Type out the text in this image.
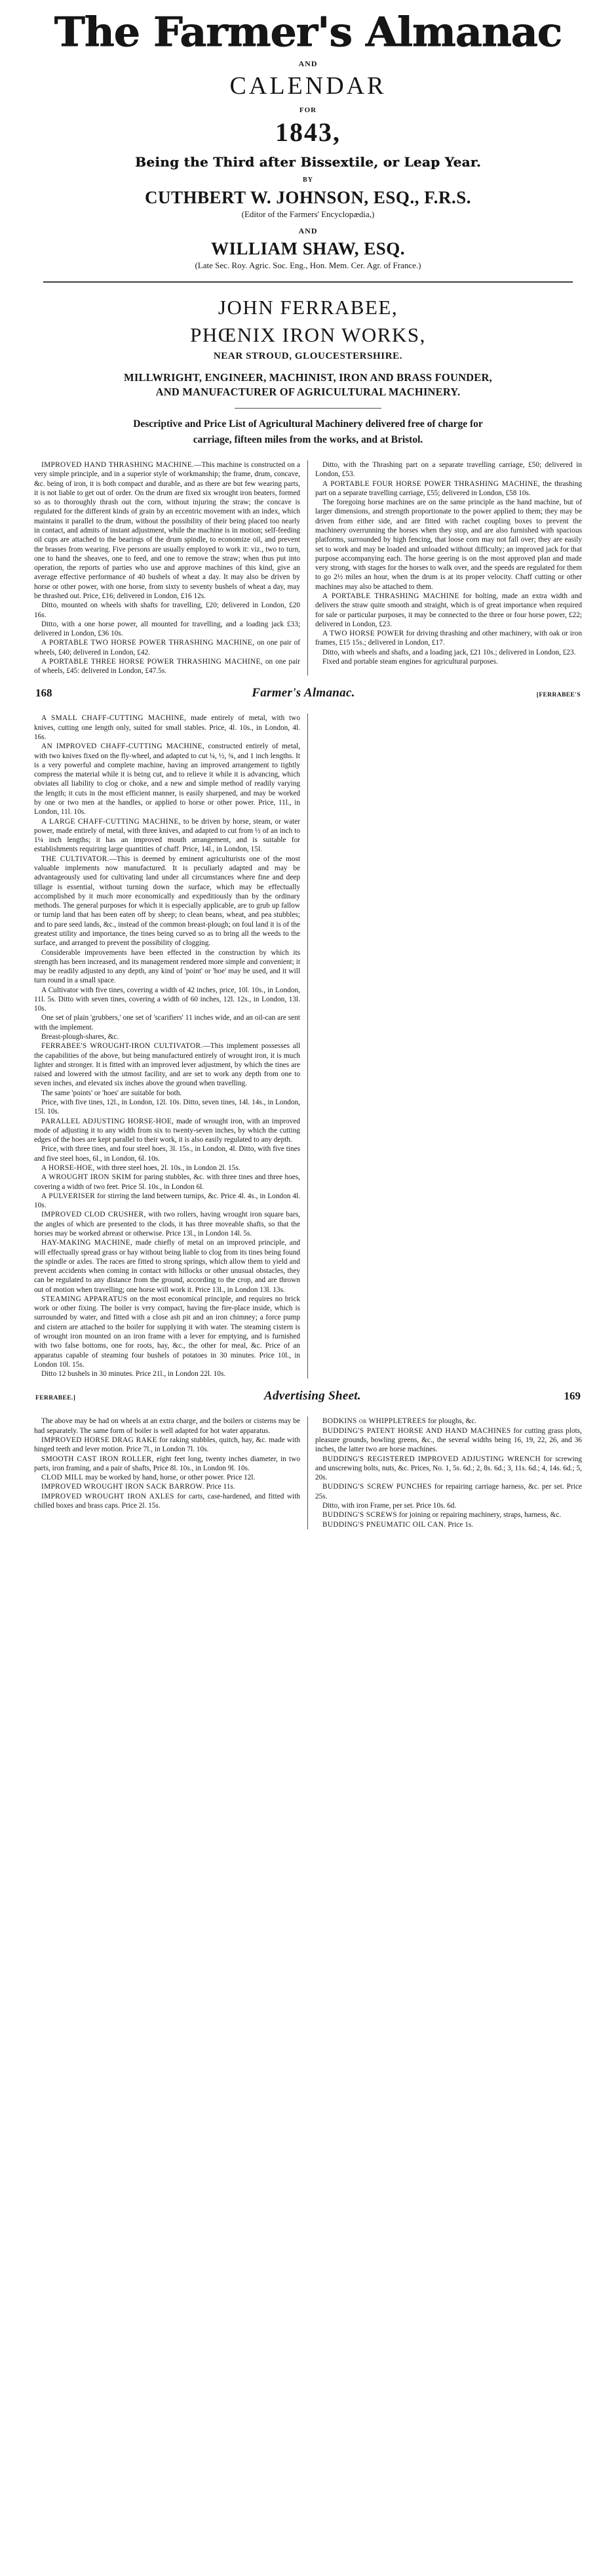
The Farmer's Almanac
AND
CALENDAR
FOR
1843,
Being the Third after Bissextile, or Leap Year.
BY
CUTHBERT W. JOHNSON, ESQ., F.R.S.
(Editor of the Farmers' Encyclopædia,)
AND
WILLIAM SHAW, ESQ.
(Late Sec. Roy. Agric. Soc. Eng., Hon. Mem. Cer. Agr. of France.)
JOHN FERRABEE,
PHŒNIX IRON WORKS,
NEAR STROUD, GLOUCESTERSHIRE.
MILLWRIGHT, ENGINEER, MACHINIST, IRON AND BRASS FOUNDER,
AND MANUFACTURER OF AGRICULTURAL MACHINERY.
Descriptive and Price List of Agricultural Machinery delivered free of charge for
carriage, fifteen miles from the works, and at Bristol.

IMPROVED HAND THRASHING MACHINE.—This machine is constructed on a very simple principle, and in a superior style of workmanship; the frame, drum, concave, &c. being of iron, it is both compact and durable, and as there are but few wearing parts, it is not liable to get out of order. On the drum are fixed six wrought iron beaters, formed so as to thoroughly thrash out the corn, without injuring the straw; the concave is regulated for the different kinds of grain by an eccentric movement with an index, which maintains it parallel to the drum, without the possibility of their being placed too nearly in contact, and admits of instant adjustment, while the machine is in motion; self-feeding oil cups are attached to the bearings of the drum spindle, to economize oil, and prevent the brasses from wearing. Five persons are usually employed to work it: viz., two to turn, one to hand the sheaves, one to feed, and one to remove the straw; when thus put into operation, the reports of parties who use and approve machines of this kind, give an average effective performance of 40 bushels of wheat a day. It may also be driven by horse or other power, with one horse, from sixty to seventy bushels of wheat a day, may be thrashed out. Price, £16; delivered in London, £16 12s.

Ditto, mounted on wheels with shafts for travelling, £20; delivered in London, £20 16s.

Ditto, with a one horse power, all mounted for travelling, and a loading jack £33; delivered in London, £36 10s.

A PORTABLE TWO HORSE POWER THRASHING MACHINE, on one pair of wheels, £40; delivered in London, £42.

A PORTABLE THREE HORSE POWER THRASHING MACHINE, on one pair of wheels, £45: delivered in London, £47.5s.

Ditto, with the Thrashing part on a separate travelling carriage, £50; delivered in London, £53.

A PORTABLE FOUR HORSE POWER THRASHING MACHINE, the thrashing part on a separate travelling carriage, £55; delivered in London, £58 10s.

The foregoing horse machines are on the same principle as the hand machine, but of larger dimensions, and strength proportionate to the power applied to them; they may be driven from either side, and are fitted with rachet coupling boxes to prevent the machinery overrunning the horses when they stop, and are also furnished with spacious platforms, surrounded by high fencing, that loose corn may not fall over; they are easily set to work and may be loaded and unloaded without difficulty; an improved jack for that purpose accompanying each. The horse geering is on the most approved plan and made very strong, with stages for the horses to walk over, and the speeds are regulated for them to go 2½ miles an hour, when the drum is at its proper velocity. Chaff cutting or other machines may also be attached to them.

A PORTABLE THRASHING MACHINE for bolting, made an extra width and delivers the straw quite smooth and straight, which is of great importance when required for sale or particular purposes, it may be connected to the three or four horse power, £22; delivered in London, £23.

A TWO HORSE POWER for driving thrashing and other machinery, with oak or iron frames, £15 15s.; delivered in London, £17.

Ditto, with wheels and shafts, and a loading jack, £21 10s.; delivered in London, £23.

Fixed and portable steam engines for agricultural purposes.

168	Farmer's Almanac.	[FERRABEE'S

A SMALL CHAFF-CUTTING MACHINE, made entirely of metal, with two knives, cutting one length only, suited for small stables. Price, 4l. 10s., in London, 4l. 16s.

AN IMPROVED CHAFF-CUTTING MACHINE, constructed entirely of metal, with two knives fixed on the fly-wheel, and adapted to cut ¼, ½, ¾, and 1 inch lengths. It is a very powerful and complete machine, having an improved arrangement to tightly compress the material while it is being cut, and to relieve it while it is advancing, which obviates all liability to clog or choke, and a new and simple method of readily varying the length; it cuts in the most efficient manner, is easily sharpened, and may be worked by one or two men at the handles, or applied to horse or other power. Price, 11l., in London, 11l. 10s.

A LARGE CHAFF-CUTTING MACHINE, to be driven by horse, steam, or water power, made entirely of metal, with three knives, and adapted to cut from ½ of an inch to 1¼ inch lengths; it has an improved mouth arrangement, and is suitable for establishments requiring large quantities of chaff. Price, 14l., in London, 15l.

THE CULTIVATOR.—This is deemed by eminent agriculturists one of the most valuable implements now manufactured. It is peculiarly adapted and may be advantageously used for cultivating land under all circumstances where fine and deep tillage is essential, without turning down the surface, which may be effectually accomplished by it much more economically and expeditiously than by the ordinary methods. The general purposes for which it is especially applicable, are to grub up fallow or turnip land that has been eaten off by sheep; to clean beans, wheat, and pea stubbles; and to pare seed lands, &c., instead of the common breast-plough; on foul land it is of the greatest utility and importance, the tines being curved so as to bring all the weeds to the surface, and arranged to prevent the possibility of clogging.

Considerable improvements have been effected in the construction by which its strength has been increased, and its management rendered more simple and convenient; it may be readily adjusted to any depth, any kind of 'point' or 'hoe' may be used, and it will turn round in a small space.

A Cultivator with five tines, covering a width of 42 inches, price, 10l. 10s., in London, 11l. 5s. Ditto with seven tines, covering a width of 60 inches, 12l. 12s., in London, 13l. 10s.

One set of plain 'grubbers,' one set of 'scarifiers' 11 inches wide, and an oil-can are sent with the implement.

Breast-plough-shares, &c.

FERRABEE'S WROUGHT-IRON CULTIVATOR.—This implement possesses all the capabilities of the above, but being manufactured entirely of wrought iron, it is much lighter and stronger. It is fitted with an improved lever adjustment, by which the tines are raised and lowered with the utmost facility, and are set to work any depth from one to seven inches, and elevated six inches above the ground when travelling.

The same 'points' or 'hoes' are suitable for both.

Price, with five tines, 12l., in London, 12l. 10s. Ditto, seven tines, 14l. 14s., in London, 15l. 10s.

PARALLEL ADJUSTING HORSE-HOE, made of wrought iron, with an improved mode of adjusting it to any width from six to twenty-seven inches, by which the cutting edges of the hoes are kept parallel to their work, it is also easily regulated to any depth.

Price, with three tines, and four steel hoes, 3l. 15s., in London, 4l. Ditto, with five tines and five steel hoes, 6l., in London, 6l. 10s.

A HORSE-HOE, with three steel hoes, 2l. 10s., in London 2l. 15s.

A WROUGHT IRON SKIM for paring stubbles, &c. with three tines and three hoes, covering a width of two feet. Price 5l. 10s., in London 6l.

A PULVERISER for stirring the land between turnips, &c. Price 4l. 4s., in London 4l. 10s.

IMPROVED CLOD CRUSHER, with two rollers, having wrought iron square bars, the angles of which are presented to the clods, it has three moveable shafts, so that the horses may be worked abreast or otherwise. Price 13l., in London 14l. 5s.

HAY-MAKING MACHINE, made chiefly of metal on an improved principle, and will effectually spread grass or hay without being liable to clog from its tines being found the spindle or axles. The races are fitted to strong springs, which allow them to yield and prevent accidents when coming in contact with hillocks or other unusual obstacles, they can be regulated to any distance from the ground, according to the crop, and are thrown out of motion when travelling; one horse will work it. Price 13l., in London 13l. 13s.

STEAMING APPARATUS on the most economical principle, and requires no brick work or other fixing. The boiler is very compact, having the fire-place inside, which is surrounded by water, and fitted with a close ash pit and an iron chimney; a force pump and cistern are attached to the boiler for supplying it with water. The steaming cistern is of wrought iron mounted on an iron frame with a lever for emptying, and is furnished with two false bottoms, one for roots, hay, &c., the other for meal, &c. Price of an apparatus capable of steaming four bushels of potatoes in 30 minutes. Price 10l., in London 10l. 15s.

Ditto 12 bushels in 30 minutes. Price 21l., in London 22l. 10s.

FERRABEE.]	Advertising Sheet.	169

The above may be had on wheels at an extra charge, and the boilers or cisterns may be had separately. The same form of boiler is well adapted for hot water apparatus.

IMPROVED HORSE DRAG RAKE for raking stubbles, quitch, hay, &c. made with hinged teeth and lever motion. Price 7l., in London 7l. 10s.

SMOOTH CAST IRON ROLLER, eight feet long, twenty inches diameter, in two parts, iron framing, and a pair of shafts, Price 8l. 10s., in London 9l. 10s.

CLOD MILL may be worked by hand, horse, or other power. Price 12l.

IMPROVED WROUGHT IRON SACK BARROW. Price 11s.

IMPROVED WROUGHT IRON AXLES for carts, case-hardened, and fitted with chilled boxes and brass caps. Price 2l. 15s.

BODKINS or WHIPPLETREES for ploughs, &c.

BUDDING'S PATENT HORSE AND HAND MACHINES for cutting grass plots, pleasure grounds, bowling greens, &c., the several widths being 16, 19, 22, 26, and 36 inches, the latter two are horse machines.

BUDDING'S REGISTERED IMPROVED ADJUSTING WRENCH for screwing and unscrewing bolts, nuts, &c. Prices, No. 1, 5s. 6d.; 2, 8s. 6d.; 3, 11s. 6d.; 4, 14s. 6d.; 5, 20s.

BUDDING'S SCREW PUNCHES for repairing carriage harness, &c. per set. Price 25s.

Ditto, with iron Frame, per set. Price 10s. 6d.

BUDDING'S SCREWS for joining or repairing machinery, straps, harness, &c.

BUDDING'S PNEUMATIC OIL CAN. Price 1s.
